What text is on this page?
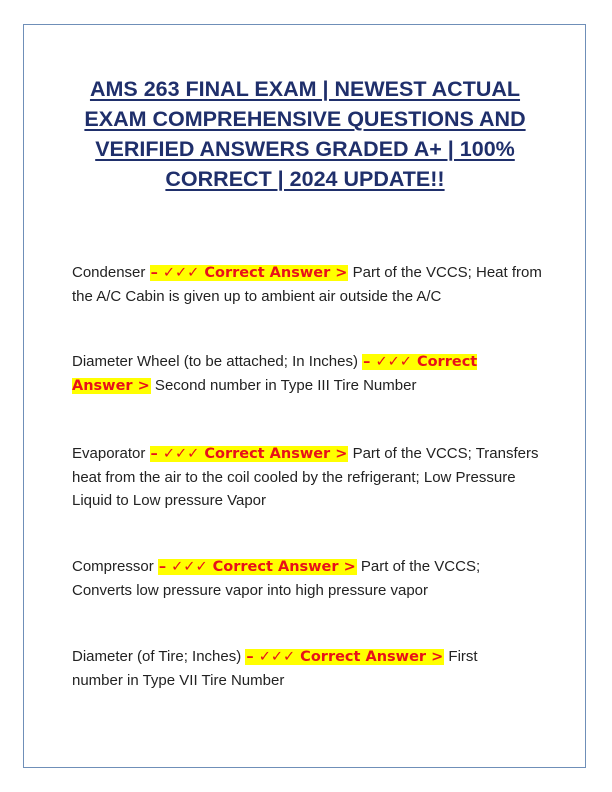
AMS 263 FINAL EXAM | NEWEST ACTUAL
EXAM COMPREHENSIVE QUESTIONS AND
VERIFIED ANSWERS GRADED A+ | 100%
CORRECT | 2024 UPDATE!!
Condenser – ✓✓✓ Correct Answer > Part of the VCCS; Heat from the A/C Cabin is given up to ambient air outside the A/C
Diameter Wheel (to be attached; In Inches) – ✓✓✓ Correct Answer > Second number in Type III Tire Number
Evaporator – ✓✓✓ Correct Answer > Part of the VCCS; Transfers heat from the air to the coil cooled by the refrigerant; Low Pressure Liquid to Low pressure Vapor
Compressor – ✓✓✓ Correct Answer > Part of the VCCS; Converts low pressure vapor into high pressure vapor
Diameter (of Tire; Inches) – ✓✓✓ Correct Answer > First number in Type VII Tire Number
